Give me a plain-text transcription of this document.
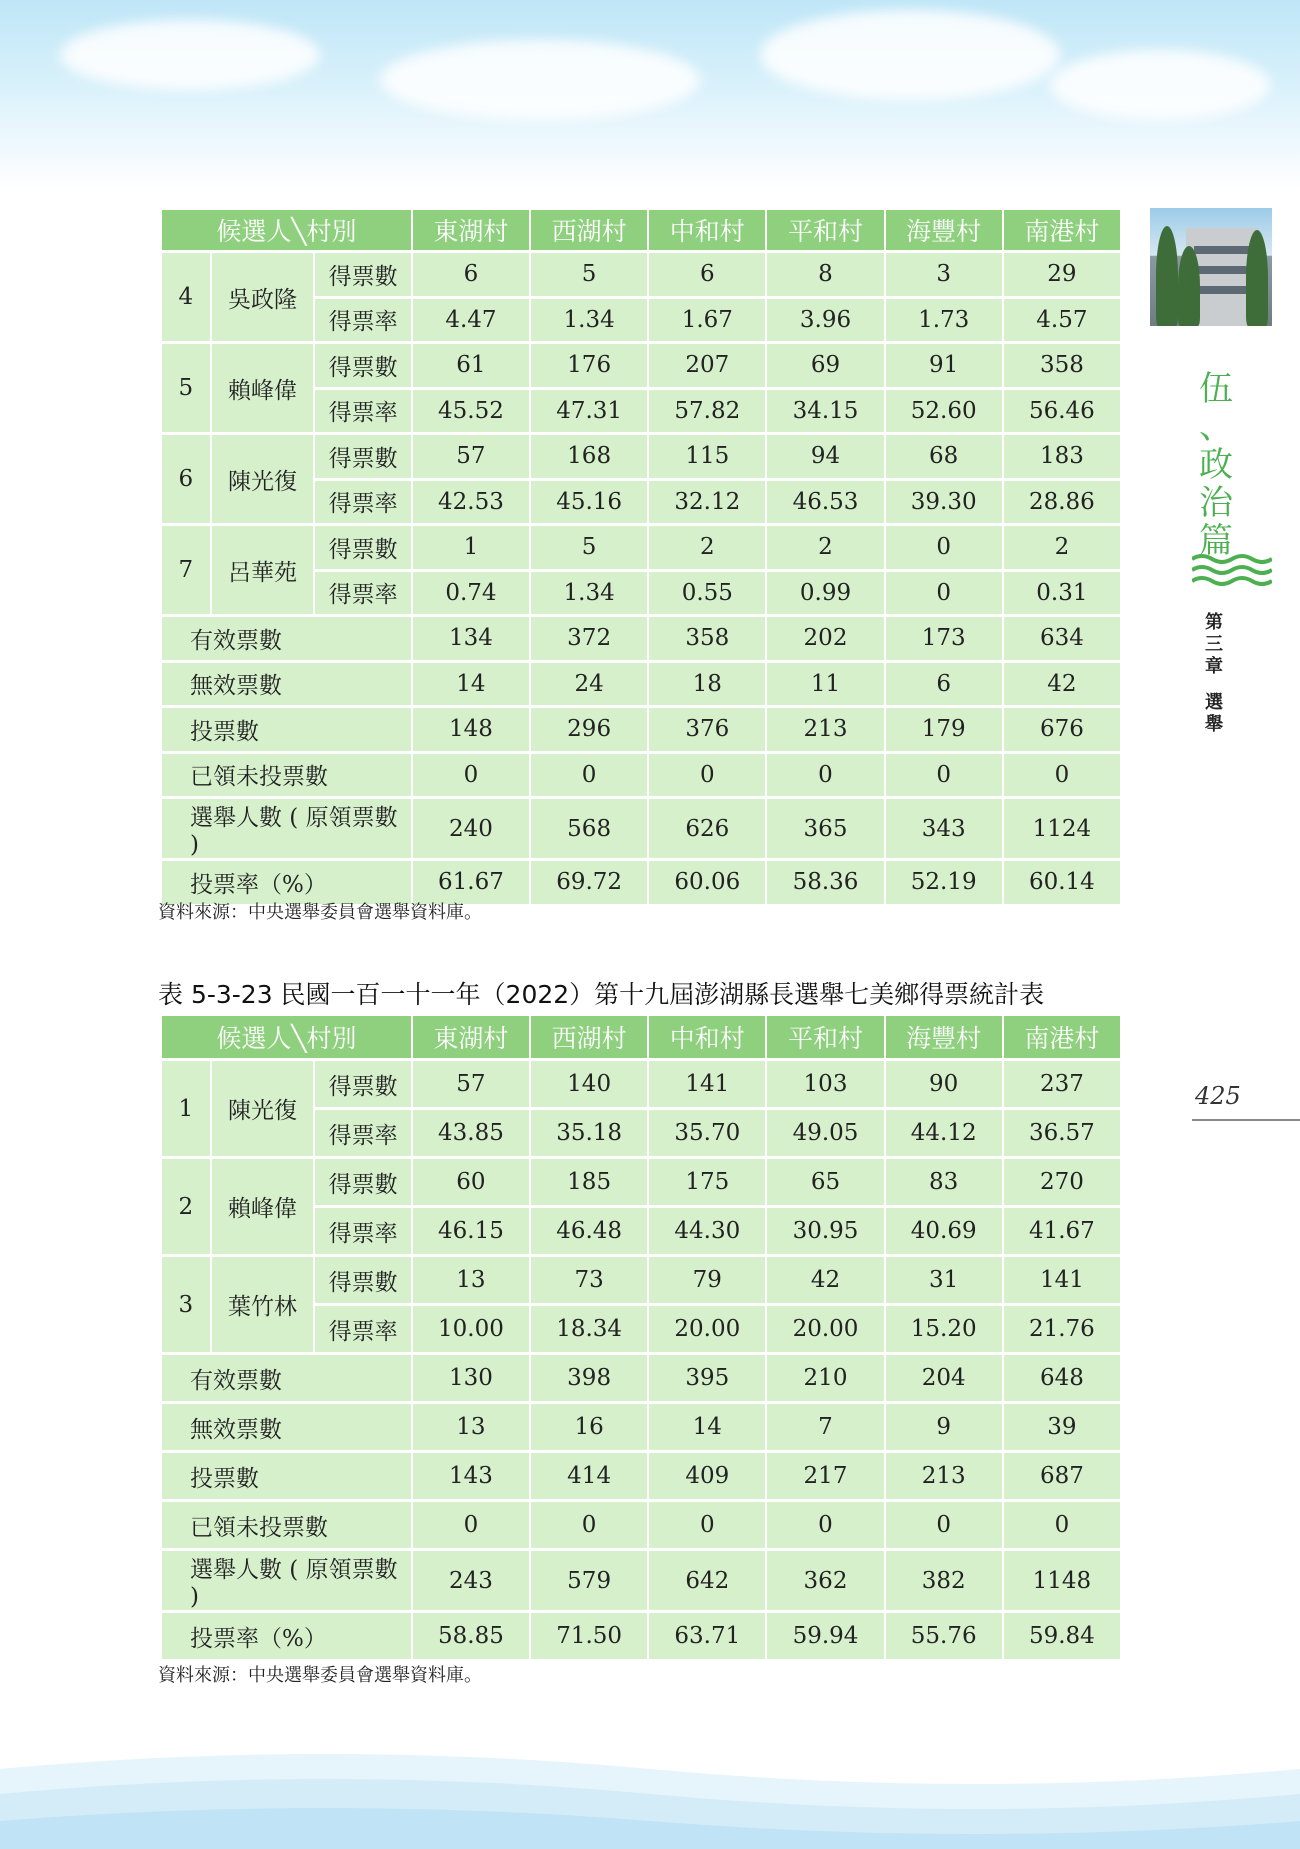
候選人╲村別			東湖村	西湖村	中和村	平和村	海豐村	南港村
4	吳政隆	得票數	6	5	6	8	3	29
		得票率	4.47	1.34	1.67	3.96	1.73	4.57
5	賴峰偉	得票數	61	176	207	69	91	358
		得票率	45.52	47.31	57.82	34.15	52.60	56.46
6	陳光復	得票數	57	168	115	94	68	183
		得票率	42.53	45.16	32.12	46.53	39.30	28.86
7	呂華苑	得票數	1	5	2	2	0	2
		得票率	0.74	1.34	0.55	0.99	0	0.31
有效票數			134	372	358	202	173	634
無效票數			14	24	18	11	6	42
投票數			148	296	376	213	179	676
已領未投票數			0	0	0	0	0	0
選舉人數 ( 原領票數 )			240	568	626	365	343	1124
投票率（%）			61.67	69.72	60.06	58.36	52.19	60.14
資料來源：中央選舉委員會選舉資料庫。
表 5-3-23 民國一百一十一年（2022）第十九屆澎湖縣長選舉七美鄉得票統計表
候選人╲村別			東湖村	西湖村	中和村	平和村	海豐村	南港村
1	陳光復	得票數	57	140	141	103	90	237
		得票率	43.85	35.18	35.70	49.05	44.12	36.57
2	賴峰偉	得票數	60	185	175	65	83	270
		得票率	46.15	46.48	44.30	30.95	40.69	41.67
3	葉竹林	得票數	13	73	79	42	31	141
		得票率	10.00	18.34	20.00	20.00	15.20	21.76
有效票數			130	398	395	210	204	648
無效票數			13	16	14	7	9	39
投票數			143	414	409	217	213	687
已領未投票數			0	0	0	0	0	0
選舉人數 ( 原領票數 )			243	579	642	362	382	1148
投票率（%）			58.85	71.50	63.71	59.94	55.76	59.84
資料來源：中央選舉委員會選舉資料庫。
伍
、
政
治
篇
第
三
章
選
舉
425
